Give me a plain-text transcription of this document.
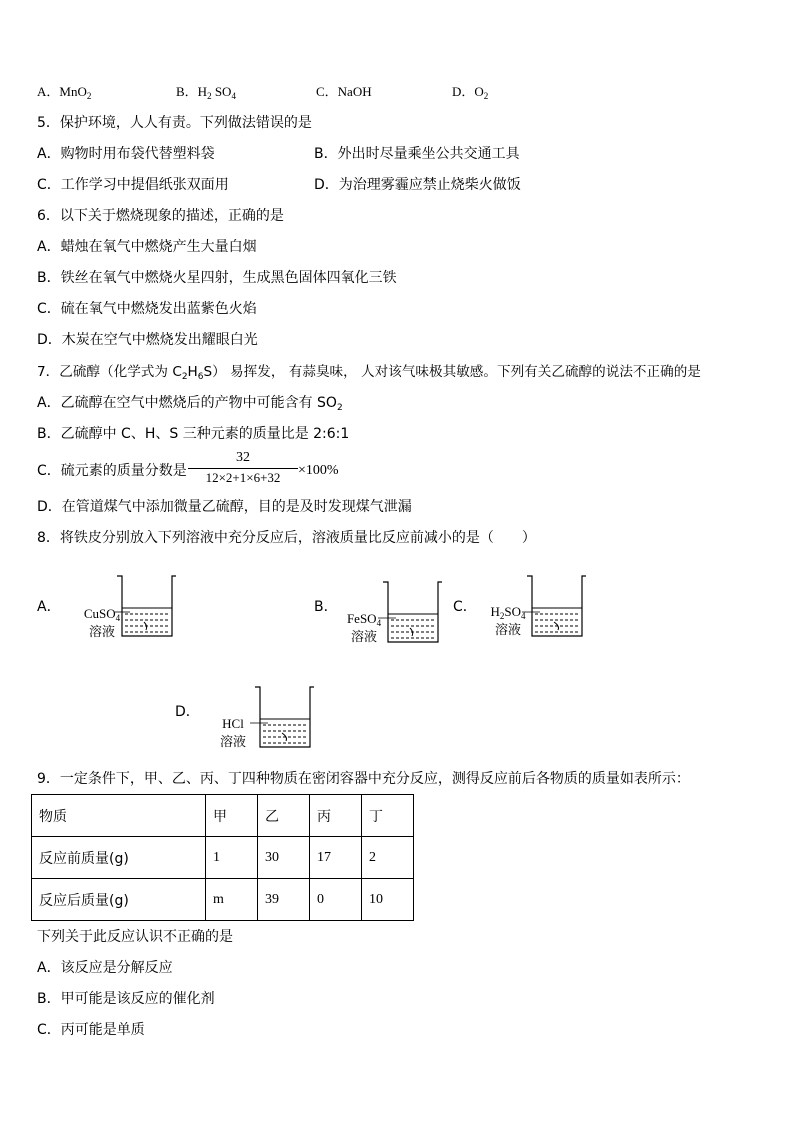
A．MnO$_2$	B．$H_2$ $SO_4$	C．NaOH	D．$O_2$
5．保护环境，人人有责。下列做法错误的是
A．购物时用布袋代替塑料袋	B．外出时尽量乘坐公共交通工具
C．工作学习中提倡纸张双面用	D．为治理雾霾应禁止烧柴火做饭
6．以下关于燃烧现象的描述，正确的是
A．蜡烛在氧气中燃烧产生大量白烟
B．铁丝在氧气中燃烧火星四射，生成黑色固体四氧化三铁
C．硫在氧气中燃烧发出蓝紫色火焰
D．木炭在空气中燃烧发出耀眼白光
7．乙硫醇（化学式为 $C_2H_6S$） 易挥发， 有蒜臭味， 人对该气味极其敏感。下列有关乙硫醇的说法不正确的是
A．乙硫醇在空气中燃烧后的产物中可能含有 $SO_2$
B．乙硫醇中 C、H、S 三种元素的质量比是 2:6:1
C．硫元素的质量分数是
32
12×2+1×6+32	×100%
D．在管道煤气中添加微量乙硫醇，目的是及时发现煤气泄漏
8．将铁皮分别放入下列溶液中充分反应后，溶液质量比反应前减小的是（　　）
A．	CuSO$_4$
溶液
B．
FeSO$_4$
溶液
C．	$H_2SO_4$
溶液
D．
HCl
溶液
9．一定条件下，甲、乙、丙、丁四种物质在密闭容器中充分反应，测得反应前后各物质的质量如表所示：
物质	甲	乙	丙	丁
反应前质量(g)	1	30	17	2
反应后质量(g)	m	39	0	10
下列关于此反应认识不正确的是
A．该反应是分解反应
B．甲可能是该反应的催化剂
C．丙可能是单质
